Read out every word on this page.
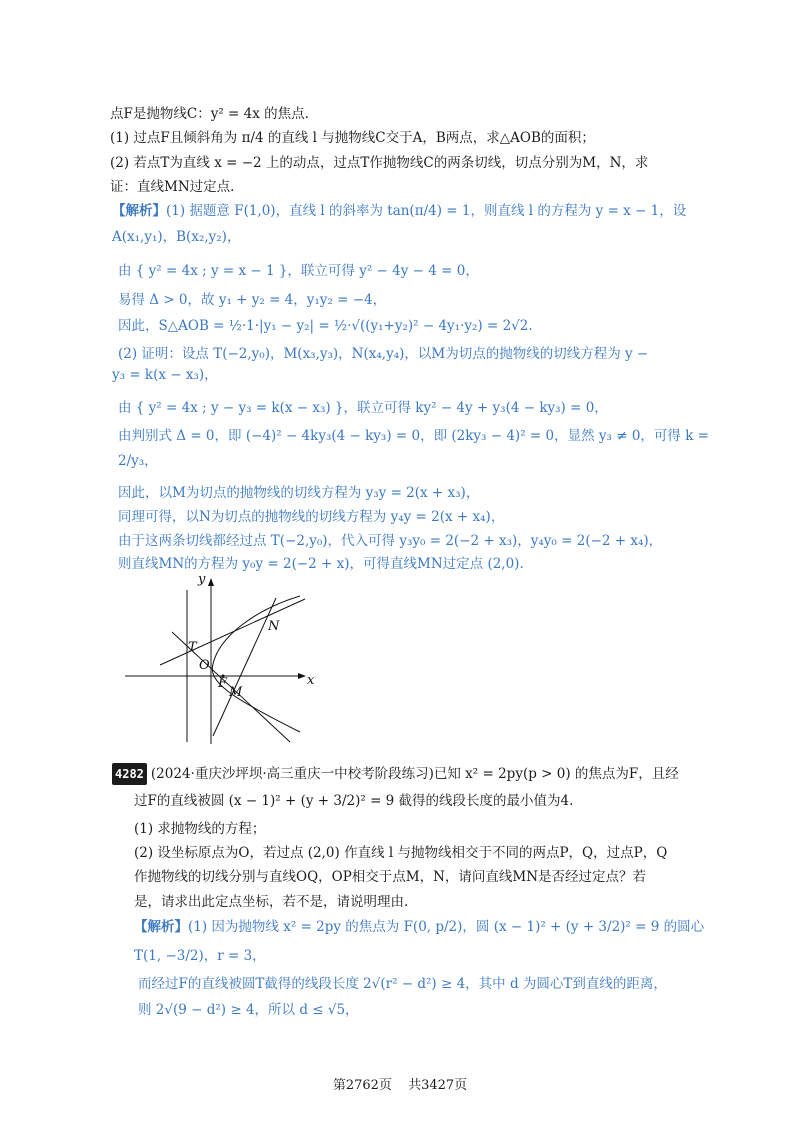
点F是抛物线C：y² = 4x 的焦点.
(1) 过点F且倾斜角为 π/4 的直线 l 与抛物线C交于A，B两点，求△AOB的面积；
(2) 若点T为直线 x = −2 上的动点，过点T作抛物线C的两条切线，切点分别为M，N，求
证：直线MN过定点.
【解析】(1) 据题意 F(1,0)，直线 l 的斜率为 tan(π/4) = 1，则直线 l 的方程为 y = x − 1，设
A(x₁,y₁)，B(x₂,y₂)，
由 { y² = 4x ; y = x − 1 }，联立可得 y² − 4y − 4 = 0，
易得 Δ > 0，故 y₁ + y₂ = 4，y₁y₂ = −4，
因此，S△AOB = ½·1·|y₁ − y₂| = ½·√((y₁+y₂)² − 4y₁·y₂) = 2√2.
(2) 证明：设点 T(−2,y₀)，M(x₃,y₃)，N(x₄,y₄)，以M为切点的抛物线的切线方程为 y −
y₃ = k(x − x₃)，
由 { y² = 4x ; y − y₃ = k(x − x₃) }，联立可得 ky² − 4y + y₃(4 − ky₃) = 0，
由判别式 Δ = 0，即 (−4)² − 4ky₃(4 − ky₃) = 0，即 (2ky₃ − 4)² = 0，显然 y₃ ≠ 0，可得 k =
2/y₃，
因此，以M为切点的抛物线的切线方程为 y₃y = 2(x + x₃)，
同理可得，以N为切点的抛物线的切线方程为 y₄y = 2(x + x₄)，
由于这两条切线都经过点 T(−2,y₀)，代入可得 y₃y₀ = 2(−2 + x₃)，y₄y₀ = 2(−2 + x₄)，
则直线MN的方程为 y₀y = 2(−2 + x)，可得直线MN过定点 (2,0).
y
x
T
O
F
M
N
4282 (2024·重庆沙坪坝·高三重庆一中校考阶段练习)已知 x² = 2py(p > 0) 的焦点为F，且经
过F的直线被圆 (x − 1)² + (y + 3/2)² = 9 截得的线段长度的最小值为4.
(1) 求抛物线的方程；
(2) 设坐标原点为O，若过点 (2,0) 作直线 l 与抛物线相交于不同的两点P，Q，过点P，Q
作抛物线的切线分别与直线OQ，OP相交于点M，N，请问直线MN是否经过定点？若
是，请求出此定点坐标，若不是，请说明理由.
【解析】(1) 因为抛物线 x² = 2py 的焦点为 F(0, p/2)，圆 (x − 1)² + (y + 3/2)² = 9 的圆心
T(1, −3/2)，r = 3，
而经过F的直线被圆T截得的线段长度 2√(r² − d²) ≥ 4，其中 d 为圆心T到直线的距离，
则 2√(9 − d²) ≥ 4，所以 d ≤ √5，
第2762页 共3427页
